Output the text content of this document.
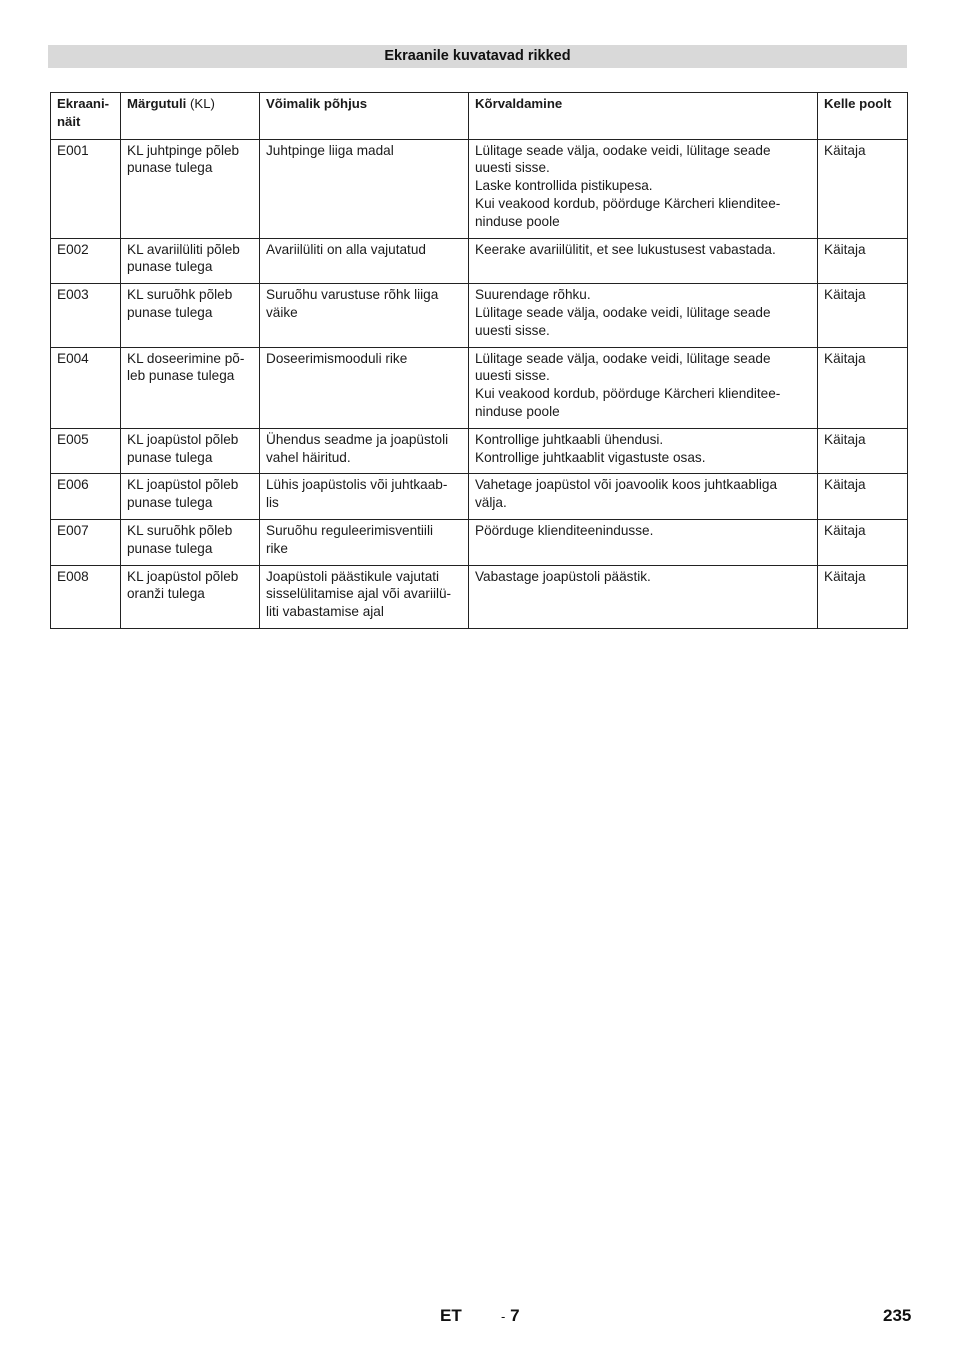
Ekraanile kuvatavad rikked
Ekraani-
näit	Märgutuli (KL)	Võimalik põhjus	Kõrvaldamine	Kelle poolt
E001	KL juhtpinge põleb
punase tulega	Juhtpinge liiga madal	Lülitage seade välja, oodake veidi, lülitage seade
uuesti sisse.
Laske kontrollida pistikupesa.
Kui veakood kordub, pöörduge Kärcheri klienditee-
ninduse poole	Käitaja
E002	KL avariilüliti põleb
punase tulega	Avariilüliti on alla vajutatud	Keerake avariilülitit, et see lukustusest vabastada.	Käitaja
E003	KL suruõhk põleb
punase tulega	Suruõhu varustuse rõhk liiga
väike	Suurendage rõhku.
Lülitage seade välja, oodake veidi, lülitage seade
uuesti sisse.	Käitaja
E004	KL doseerimine põ-
leb punase tulega	Doseerimismooduli rike	Lülitage seade välja, oodake veidi, lülitage seade
uuesti sisse.
Kui veakood kordub, pöörduge Kärcheri klienditee-
ninduse poole	Käitaja
E005	KL joapüstol põleb
punase tulega	Ühendus seadme ja joapüstoli
vahel häiritud.	Kontrollige juhtkaabli ühendusi.
Kontrollige juhtkaablit vigastuste osas.	Käitaja
E006	KL joapüstol põleb
punase tulega	Lühis joapüstolis või juhtkaab-
lis	Vahetage joapüstol või joavoolik koos juhtkaabliga
välja.	Käitaja
E007	KL suruõhk põleb
punase tulega	Suruõhu reguleerimisventiili
rike	Pöörduge klienditeenindusse.	Käitaja
E008	KL joapüstol põleb
oranži tulega	Joapüstoli päästikule vajutati
sisselülitamise ajal või avariilü-
liti vabastamise ajal	Vabastage joapüstoli päästik.	Käitaja
ET	- 7	235
